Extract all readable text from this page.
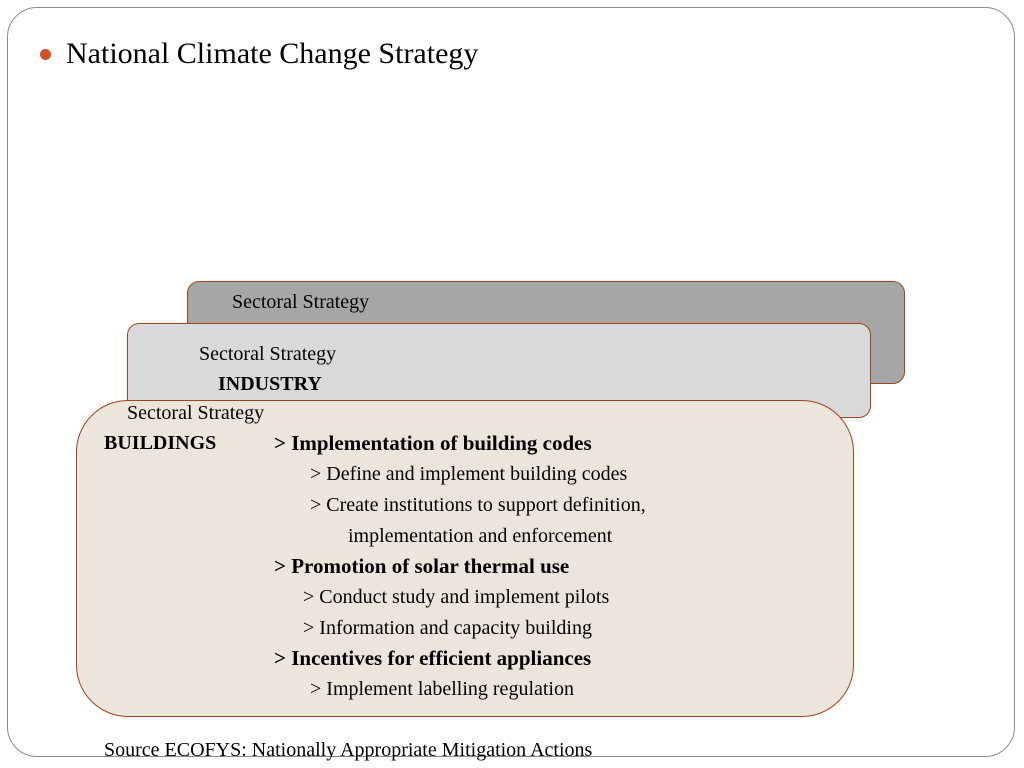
National Climate Change Strategy
Sectoral Strategy
Sectoral Strategy
INDUSTRY
Sectoral Strategy
BUILDINGS	> Implementation of building codes
> Define and implement building codes
> Create institutions to support definition,
implementation and enforcement
> Promotion of solar thermal use
> Conduct study and implement pilots
> Information and capacity building
> Incentives for efficient appliances
> Implement labelling regulation
Source ECOFYS: Nationally Appropriate Mitigation Actions
